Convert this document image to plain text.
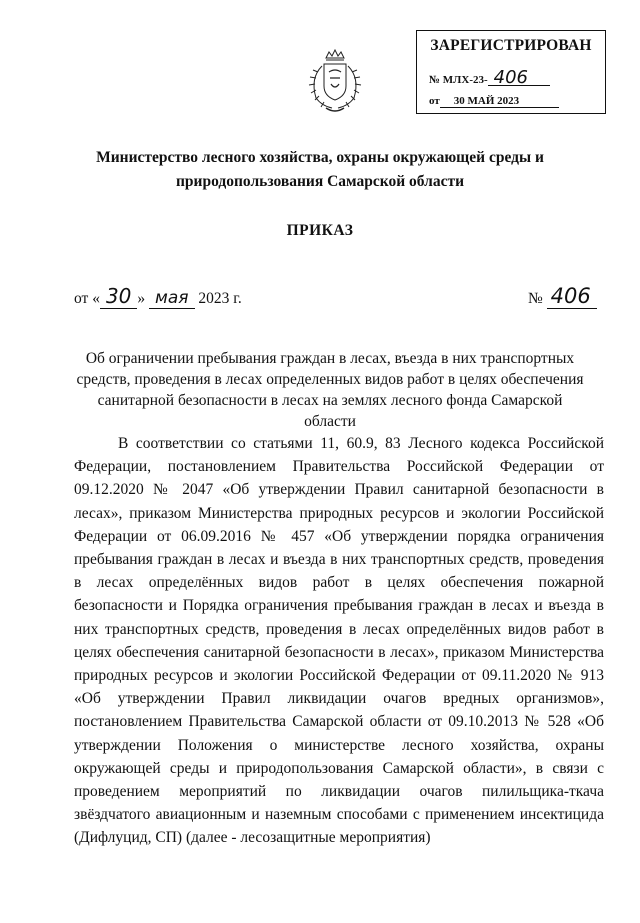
ЗАРЕГИСТРИРОВАН
№ МЛХ-23- 406
от 30 МАЙ 2023
Министерство лесного хозяйства, охраны окружающей среды и
природопользования Самарской области
ПРИКАЗ
от « 30 » мая 2023 г.	№ 406
Об ограничении пребывания граждан в лесах, въезда в них транспортных средств, проведения в лесах определенных видов работ в целях обеспечения санитарной безопасности в лесах на землях лесного фонда Самарской области

В соответствии со статьями 11, 60.9, 83 Лесного кодекса Российской Федерации, постановлением Правительства Российской Федерации от 09.12.2020 № 2047 «Об утверждении Правил санитарной безопасности в лесах», приказом Министерства природных ресурсов и экологии Российской Федерации от 06.09.2016 № 457 «Об утверждении порядка ограничения пребывания граждан в лесах и въезда в них транспортных средств, проведения в лесах определённых видов работ в целях обеспечения пожарной безопасности и Порядка ограничения пребывания граждан в лесах и въезда в них транспортных средств, проведения в лесах определённых видов работ в целях обеспечения санитарной безопасности в лесах», приказом Министерства природных ресурсов и экологии Российской Федерации от 09.11.2020 № 913 «Об утверждении Правил ликвидации очагов вредных организмов», постановлением Правительства Самарской области от 09.10.2013 № 528 «Об утверждении Положения о министерстве лесного хозяйства, охраны окружающей среды и природопользования Самарской области», в связи с проведением мероприятий по ликвидации очагов пилильщика-ткача звёздчатого авиационным и наземным способами с применением инсектицида (Дифлуцид, СП) (далее - лесозащитные мероприятия)
